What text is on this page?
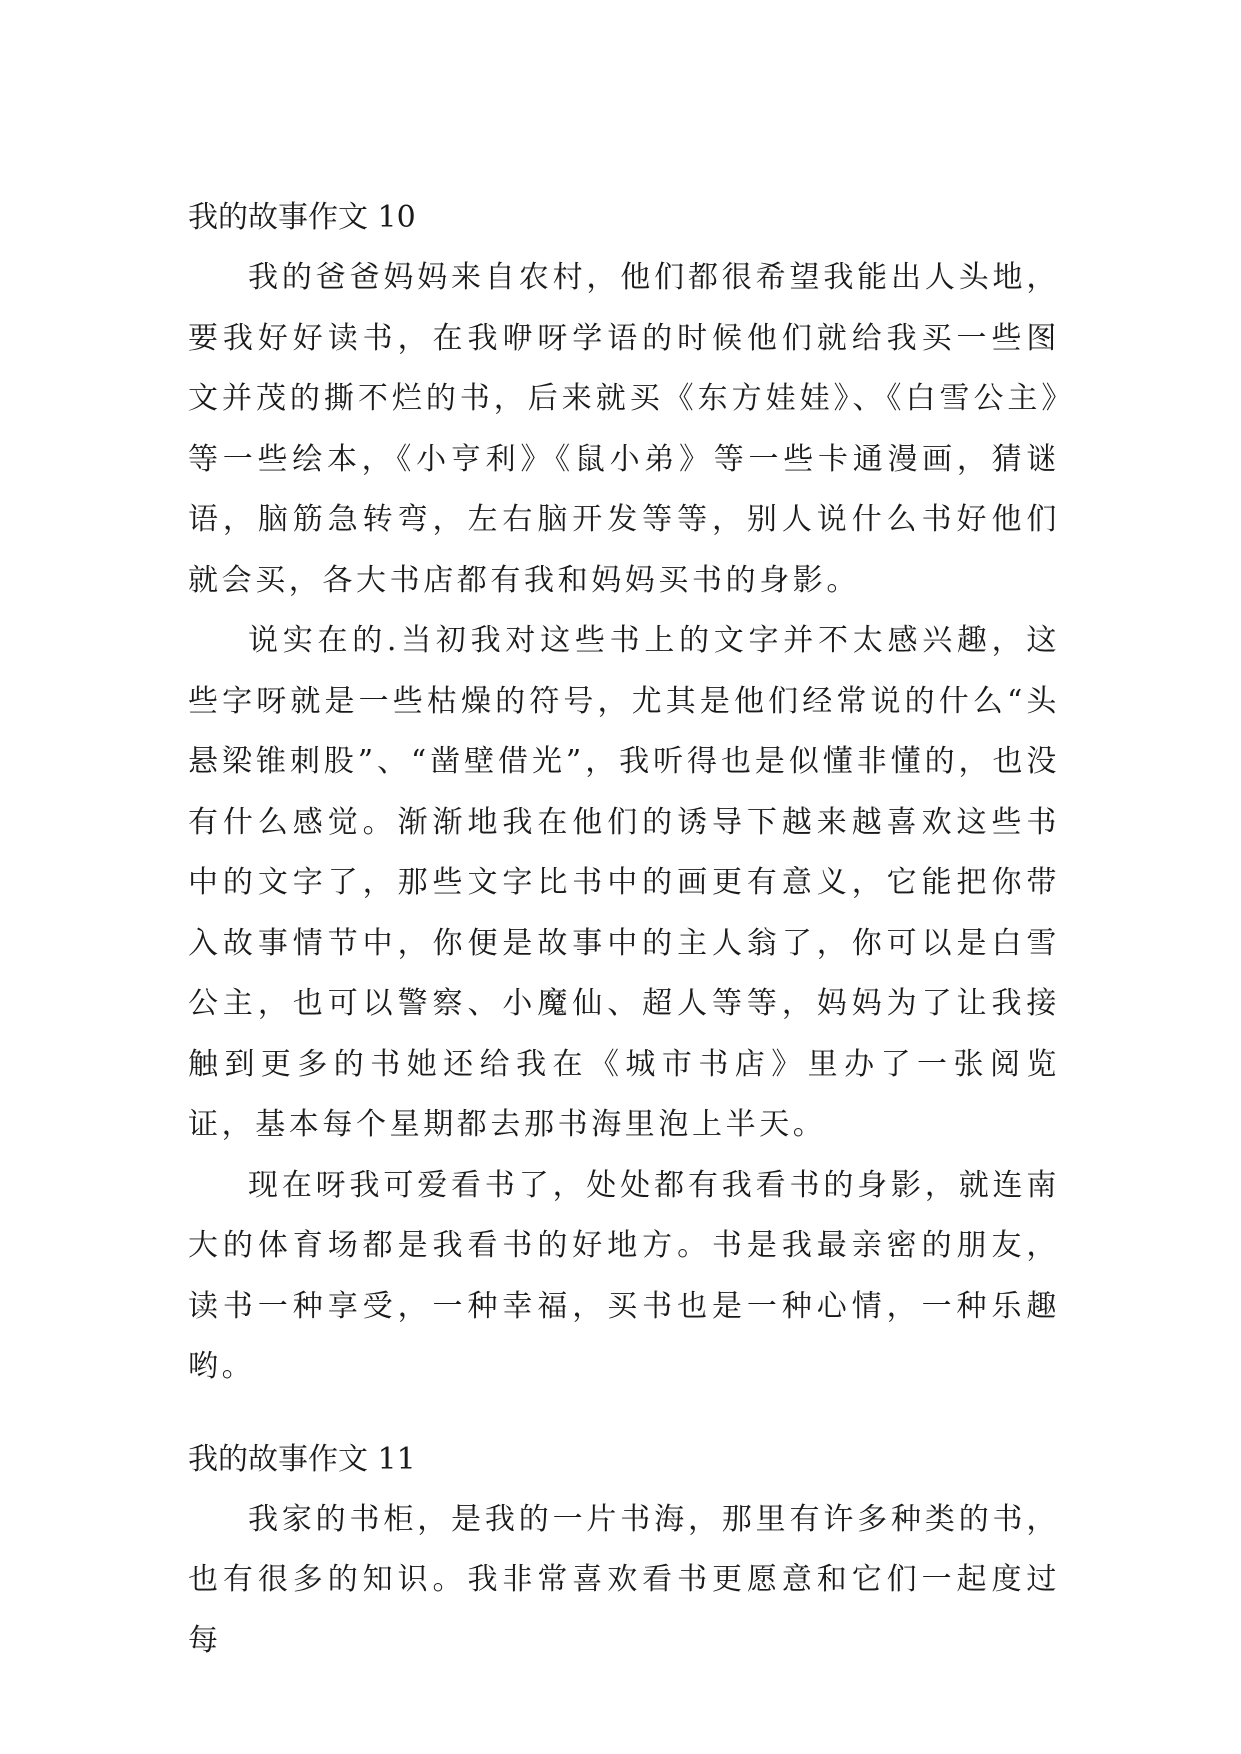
我的故事作文 10

我的爸爸妈妈来自农村，他们都很希望我能出人头地，要我好好读书，在我咿呀学语的时候他们就给我买一些图文并茂的撕不烂的书，后来就买《东方娃娃》、《白雪公主》等一些绘本，《小亨利》《鼠小弟》等一些卡通漫画，猜谜语，脑筋急转弯，左右脑开发等等，别人说什么书好他们就会买，各大书店都有我和妈妈买书的身影。

说实在的.当初我对这些书上的文字并不太感兴趣，这些字呀就是一些枯燥的符号，尤其是他们经常说的什么“头悬梁锥刺股”、“凿壁借光”，我听得也是似懂非懂的，也没有什么感觉。渐渐地我在他们的诱导下越来越喜欢这些书中的文字了，那些文字比书中的画更有意义，它能把你带入故事情节中，你便是故事中的主人翁了，你可以是白雪公主，也可以警察、小魔仙、超人等等，妈妈为了让我接触到更多的书她还给我在《城市书店》里办了一张阅览证，基本每个星期都去那书海里泡上半天。

现在呀我可爱看书了，处处都有我看书的身影，就连南大的体育场都是我看书的好地方。书是我最亲密的朋友，读书一种享受，一种幸福，买书也是一种心情，一种乐趣哟。

我的故事作文 11

我家的书柜，是我的一片书海，那里有许多种类的书，也有很多的知识。我非常喜欢看书更愿意和它们一起度过每
